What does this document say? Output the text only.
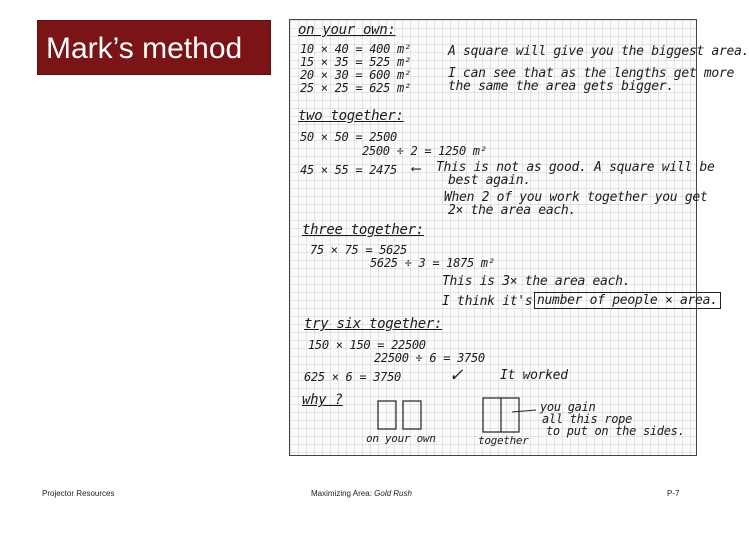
Mark’s method
on your own:
10 × 40 = 400 m²
15 × 35 = 525 m²
20 × 30 = 600 m²
25 × 25 = 625 m²
A square will give you the biggest area.
I can see that as the lengths get more
the same the area gets bigger.
two together:
50 × 50 = 2500
2500 ÷ 2 = 1250 m²
45 × 55 = 2475 ⟵ This is not as good. A square will be
best again.
When 2 of you work together you get
2× the area each.
three together:
75 × 75 = 5625
5625 ÷ 3 = 1875 m²
This is 3× the area each.
I think it's number of people × area.
try six together:
150 × 150 = 22500
22500 ÷ 6 = 3750
625 × 6 = 3750 ✓	It worked
why ?
on your own	together
you gain
all this rope
to put on the sides.
Projector Resources	Maximizing Area: Gold Rush	P-7
